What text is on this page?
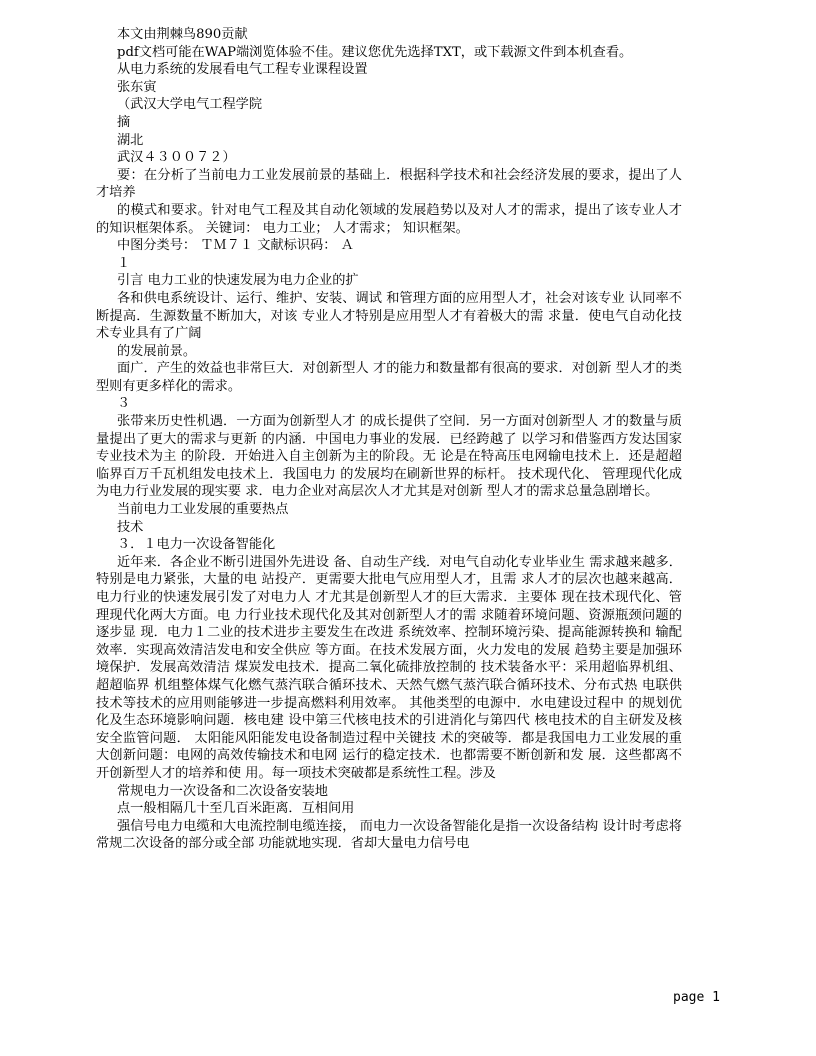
本文由荆棘鸟890贡献

pdf文档可能在WAP端浏览体验不佳。建议您优先选择TXT，或下载源文件到本机查看。

从电力系统的发展看电气工程专业课程设置

张东寅

（武汉大学电气工程学院

摘

湖北

武汉４３００７２）

要：在分析了当前电力工业发展前景的基础上．根据科学技术和社会经济发展的要求，提出了人才培养

的模式和要求。针对电气工程及其自动化领域的发展趋势以及对人才的需求，提出了该专业人才的知识框架体系。 关键词： 电力工业； 人才需求； 知识框架。

中图分类号： ＴＭ７１ 文献标识码： Ａ

１

引言 电力工业的快速发展为电力企业的扩

各和供电系统设计、运行、维护、安装、调试 和管理方面的应用型人才，社会对该专业 认同率不断提高．生源数量不断加大，对该 专业人才特别是应用型人才有着极大的需 求量．使电气自动化技术专业具有了广阔

的发展前景。

面广．产生的效益也非常巨大．对创新型人 才的能力和数量都有很高的要求．对创新 型人才的类型则有更多样化的需求。

３

张带来历史性机遇．一方面为创新型人才 的成长提供了空间．另一方面对创新型人 才的数量与质量提出了更大的需求与更新 的内涵．中国电力事业的发展．已经跨越了 以学习和借鉴西方发达国家专业技术为主 的阶段．开始进入自主创新为主的阶段。无 论是在特高压电网输电技术上．还是超超 临界百万千瓦机组发电技术上．我国电力 的发展均在刷新世界的标杆。 技术现代化、 管理现代化成为电力行业发展的现实要 求．电力企业对高层次人才尤其是对创新 型人才的需求总量急剧增长。

当前电力工业发展的重要热点

技术

３．１电力一次设备智能化

近年来．各企业不断引进国外先进设 备、自动生产线．对电气自动化专业毕业生 需求越来越多．特别是电力紧张，大量的电 站投产．更需要大批电气应用型人才，且需 求人才的层次也越来越高． 电力行业的快速发展引发了对电力人 才尤其是创新型人才的巨大需求．主要体 现在技术现代化、管理现代化两大方面。电 力行业技术现代化及其对创新型人才的需 求随着环境问题、资源瓶颈问题的逐步显 现．电力１二业的技术进步主要发生在改进 系统效率、控制环境污染、提高能源转换和 输配效率．实现高效清洁发电和安全供应 等方面。在技术发展方面，火力发电的发展 趋势主要是加强环境保护．发展高效清洁 煤炭发电技术．提高二氧化硫排放控制的 技术装备水平：采用超临界机组、超超临界 机组整体煤气化燃气蒸汽联合循环技术、天然气燃气蒸汽联合循环技术、分布式热 电联供技术等技术的应用则能够进一步提高燃料利用效率。 其他类型的电源中．水电建设过程中 的规划优化及生态环境影响问题．核电建 设中第三代核电技术的引进消化与第四代 核电技术的自主研发及核安全监管问题． 太阳能风阳能发电设备制造过程中关键技 术的突破等．都是我国电力工业发展的重 大创新问题：电网的高效传输技术和电网 运行的稳定技术．也都需要不断创新和发 展．这些都离不开创新型人才的培养和使 用。每一项技术突破都是系统性工程。涉及

常规电力一次设备和二次设备安装地

点一般相隔几十至几百米距离．互相间用

强信号电力电缆和大电流控制电缆连接， 而电力一次设备智能化是指一次设备结构 设计时考虑将常规二次设备的部分或全部 功能就地实现．省却大量电力信号电

page 1
